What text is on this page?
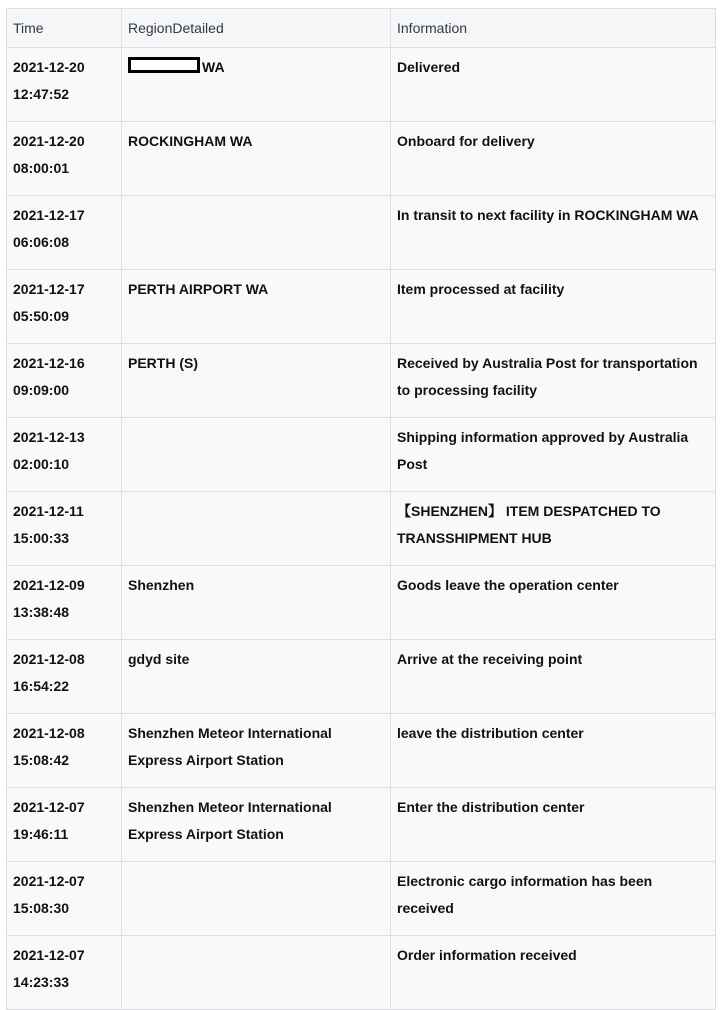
Time	RegionDetailed	Information

2021-12-20
12:47:52	WA	Delivered

2021-12-20
08:00:01	ROCKINGHAM WA	Onboard for delivery

2021-12-17
06:06:08		In transit to next facility in ROCKINGHAM WA

2021-12-17
05:50:09	PERTH AIRPORT WA	Item processed at facility

2021-12-16
09:09:00	PERTH (S)	Received by Australia Post for transportation to processing facility

2021-12-13
02:00:10		Shipping information approved by Australia Post

2021-12-11
15:00:33		【SHENZHEN】 ITEM DESPATCHED TO TRANSSHIPMENT HUB

2021-12-09
13:38:48	Shenzhen	Goods leave the operation center

2021-12-08
16:54:22	gdyd site	Arrive at the receiving point

2021-12-08
15:08:42	Shenzhen Meteor International Express Airport Station	leave the distribution center

2021-12-07
19:46:11	Shenzhen Meteor International Express Airport Station	Enter the distribution center

2021-12-07
15:08:30		Electronic cargo information has been received

2021-12-07
14:23:33		Order information received
